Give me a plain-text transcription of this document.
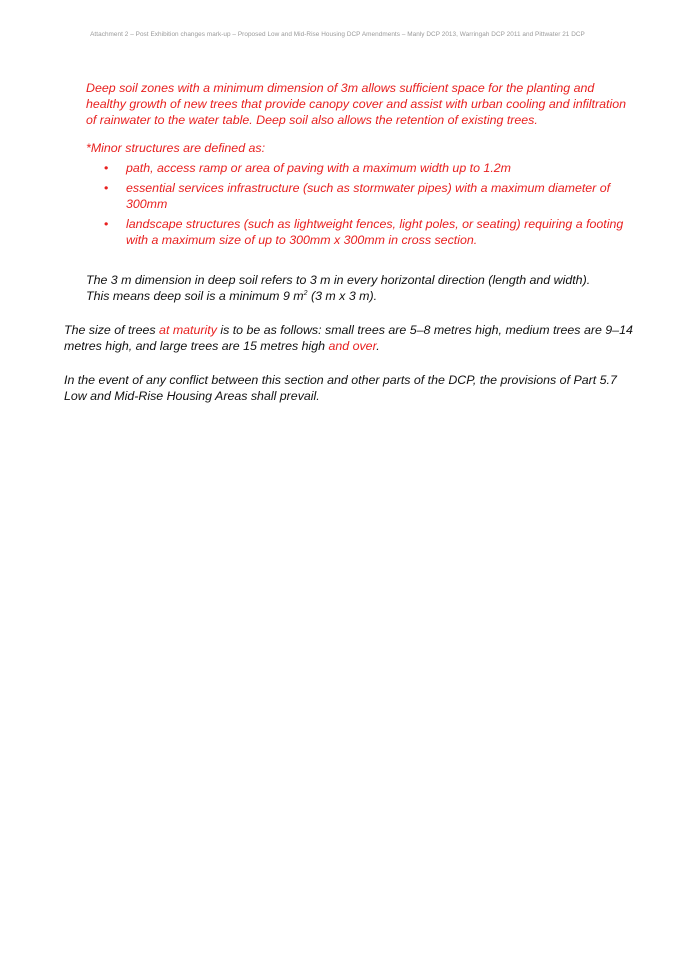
Attachment 2 – Post Exhibition changes mark-up – Proposed Low and Mid-Rise Housing DCP Amendments – Manly DCP 2013, Warringah DCP 2011 and Pittwater 21 DCP

Deep soil zones with a minimum dimension of 3m allows sufficient space for the planting and healthy growth of new trees that provide canopy cover and assist with urban cooling and infiltration of rainwater to the water table. Deep soil also allows the retention of existing trees.

*Minor structures are defined as:

• path, access ramp or area of paving with a maximum width up to 1.2m
• essential services infrastructure (such as stormwater pipes) with a maximum diameter of 300mm
• landscape structures (such as lightweight fences, light poles, or seating) requiring a footing with a maximum size of up to 300mm x 300mm in cross section.

The 3 m dimension in deep soil refers to 3 m in every horizontal direction (length and width).
This means deep soil is a minimum 9 $m^2$ (3 m x 3 m).

The size of trees at maturity is to be as follows: small trees are 5–8 metres high, medium trees are 9–14 metres high, and large trees are 15 metres high and over.

In the event of any conflict between this section and other parts of the DCP, the provisions of Part 5.7 Low and Mid-Rise Housing Areas shall prevail.
